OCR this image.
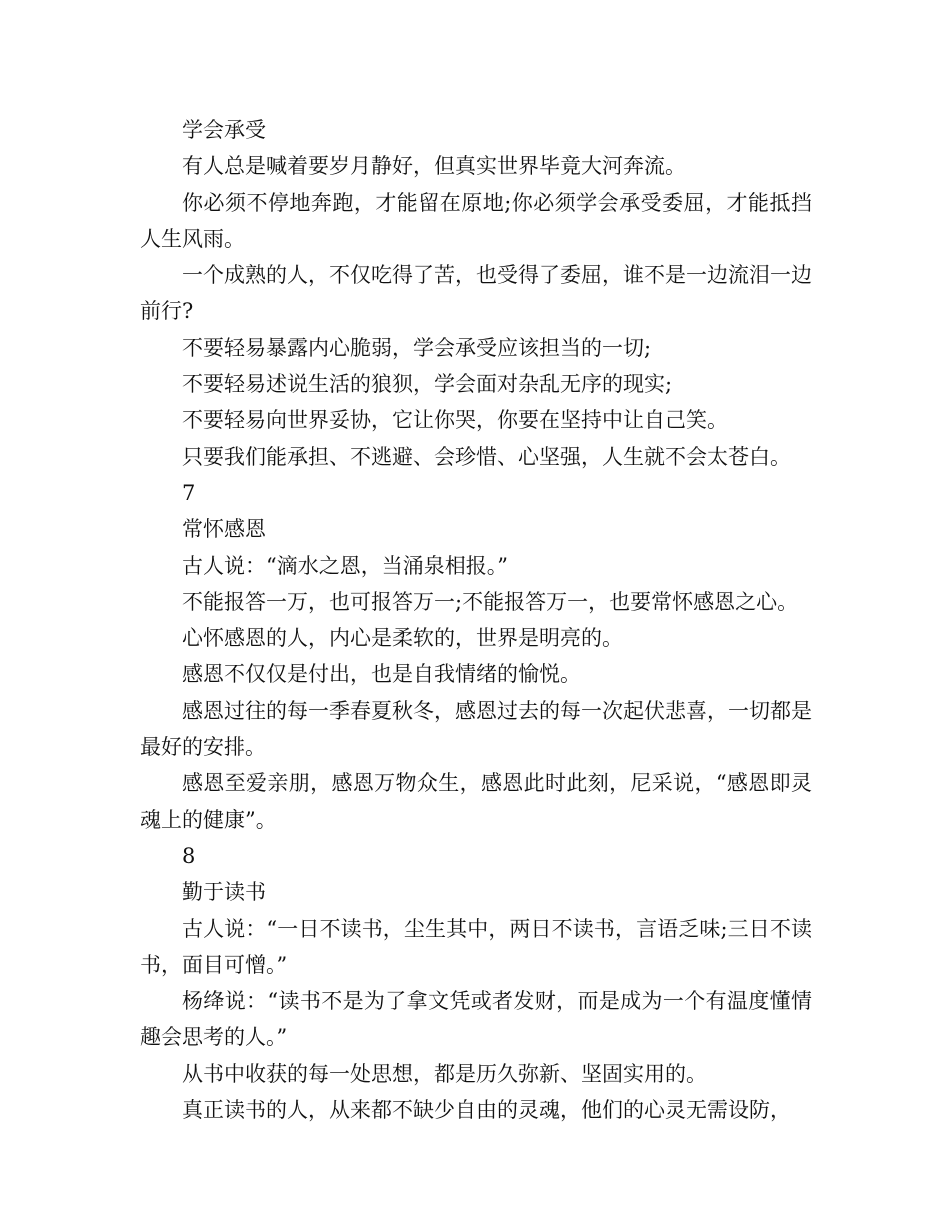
学会承受

有人总是喊着要岁月静好，但真实世界毕竟大河奔流。

你必须不停地奔跑，才能留在原地;你必须学会承受委屈，才能抵挡人生风雨。

一个成熟的人，不仅吃得了苦，也受得了委屈，谁不是一边流泪一边前行?

不要轻易暴露内心脆弱，学会承受应该担当的一切;

不要轻易述说生活的狼狈，学会面对杂乱无序的现实;

不要轻易向世界妥协，它让你哭，你要在坚持中让自己笑。

只要我们能承担、不逃避、会珍惜、心坚强，人生就不会太苍白。

7

常怀感恩

古人说：“滴水之恩，当涌泉相报。”

不能报答一万，也可报答万一;不能报答万一，也要常怀感恩之心。

心怀感恩的人，内心是柔软的，世界是明亮的。

感恩不仅仅是付出，也是自我情绪的愉悦。

感恩过往的每一季春夏秋冬，感恩过去的每一次起伏悲喜，一切都是最好的安排。

感恩至爱亲朋，感恩万物众生，感恩此时此刻，尼采说，“感恩即灵魂上的健康”。

8

勤于读书

古人说：“一日不读书，尘生其中，两日不读书，言语乏味;三日不读书，面目可憎。”

杨绛说：“读书不是为了拿文凭或者发财，而是成为一个有温度懂情趣会思考的人。”

从书中收获的每一处思想，都是历久弥新、坚固实用的。

真正读书的人，从来都不缺少自由的灵魂，他们的心灵无需设防，
